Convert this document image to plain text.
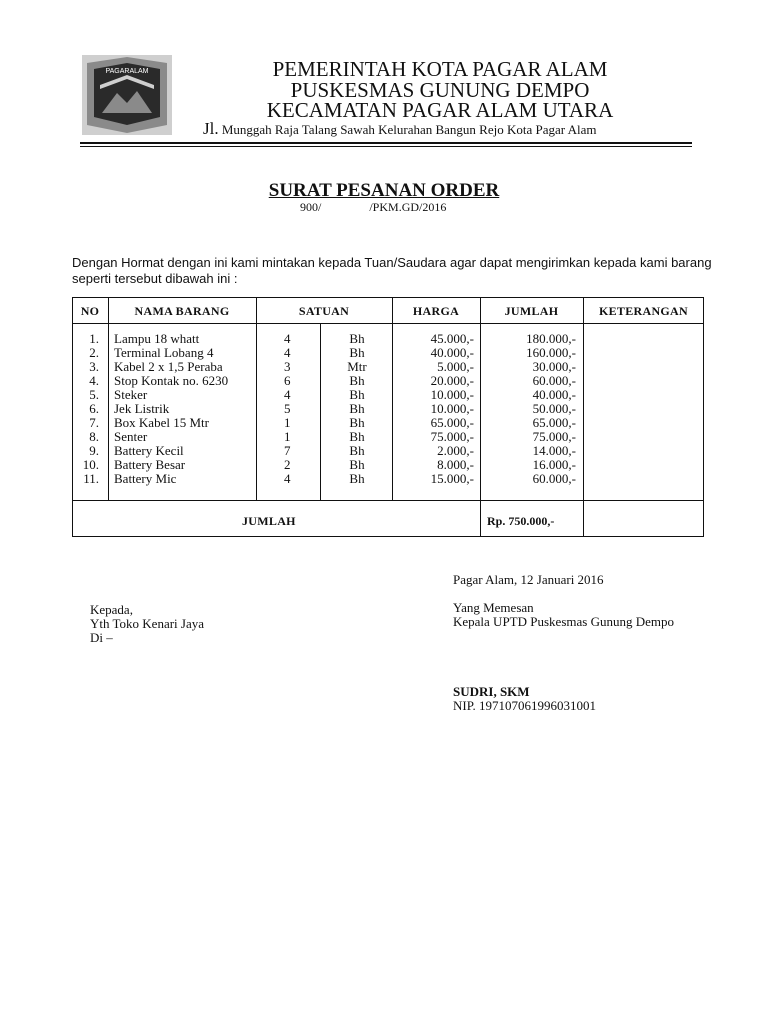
PAGARALAM	PEMERINTAH KOTA PAGAR ALAM
PUSKESMAS GUNUNG DEMPO
KECAMATAN PAGAR ALAM UTARA
Jl. Munggah Raja Talang Sawah Kelurahan Bangun Rejo Kota Pagar Alam
SURAT PESANAN ORDER
900/	/PKM.GD/2016
Dengan Hormat dengan ini kami mintakan kepada Tuan/Saudara agar dapat mengirimkan kepada kami barang seperti tersebut dibawah ini :
NO	NAMA BARANG	SATUAN	HARGA	JUMLAH	KETERANGAN
1. Lampu 18 whatt	4	Bh	45.000,-	180.000,-
2. Terminal Lobang 4	4	Bh	40.000,-	160.000,-
3. Kabel 2 x 1,5 Peraba	3	Mtr	5.000,-	30.000,-
4. Stop Kontak no. 6230	6	Bh	20.000,-	60.000,-
5. Steker	4	Bh	10.000,-	40.000,-
6. Jek Listrik	5	Bh	10.000,-	50.000,-
7. Box Kabel 15 Mtr	1	Bh	65.000,-	65.000,-
8. Senter	1	Bh	75.000,-	75.000,-
9. Battery Kecil	7	Bh	2.000,-	14.000,-
10. Battery Besar	2	Bh	8.000,-	16.000,-
11. Battery Mic	4	Bh	15.000,-	60.000,-
JUMLAH	Rp. 750.000,-
Pagar Alam, 12 Januari 2016
Yang Memesan
Kepala UPTD Puskesmas Gunung Dempo
SUDRI, SKM
NIP. 197107061996031001
Kepada,
Yth Toko Kenari Jaya
Di –
